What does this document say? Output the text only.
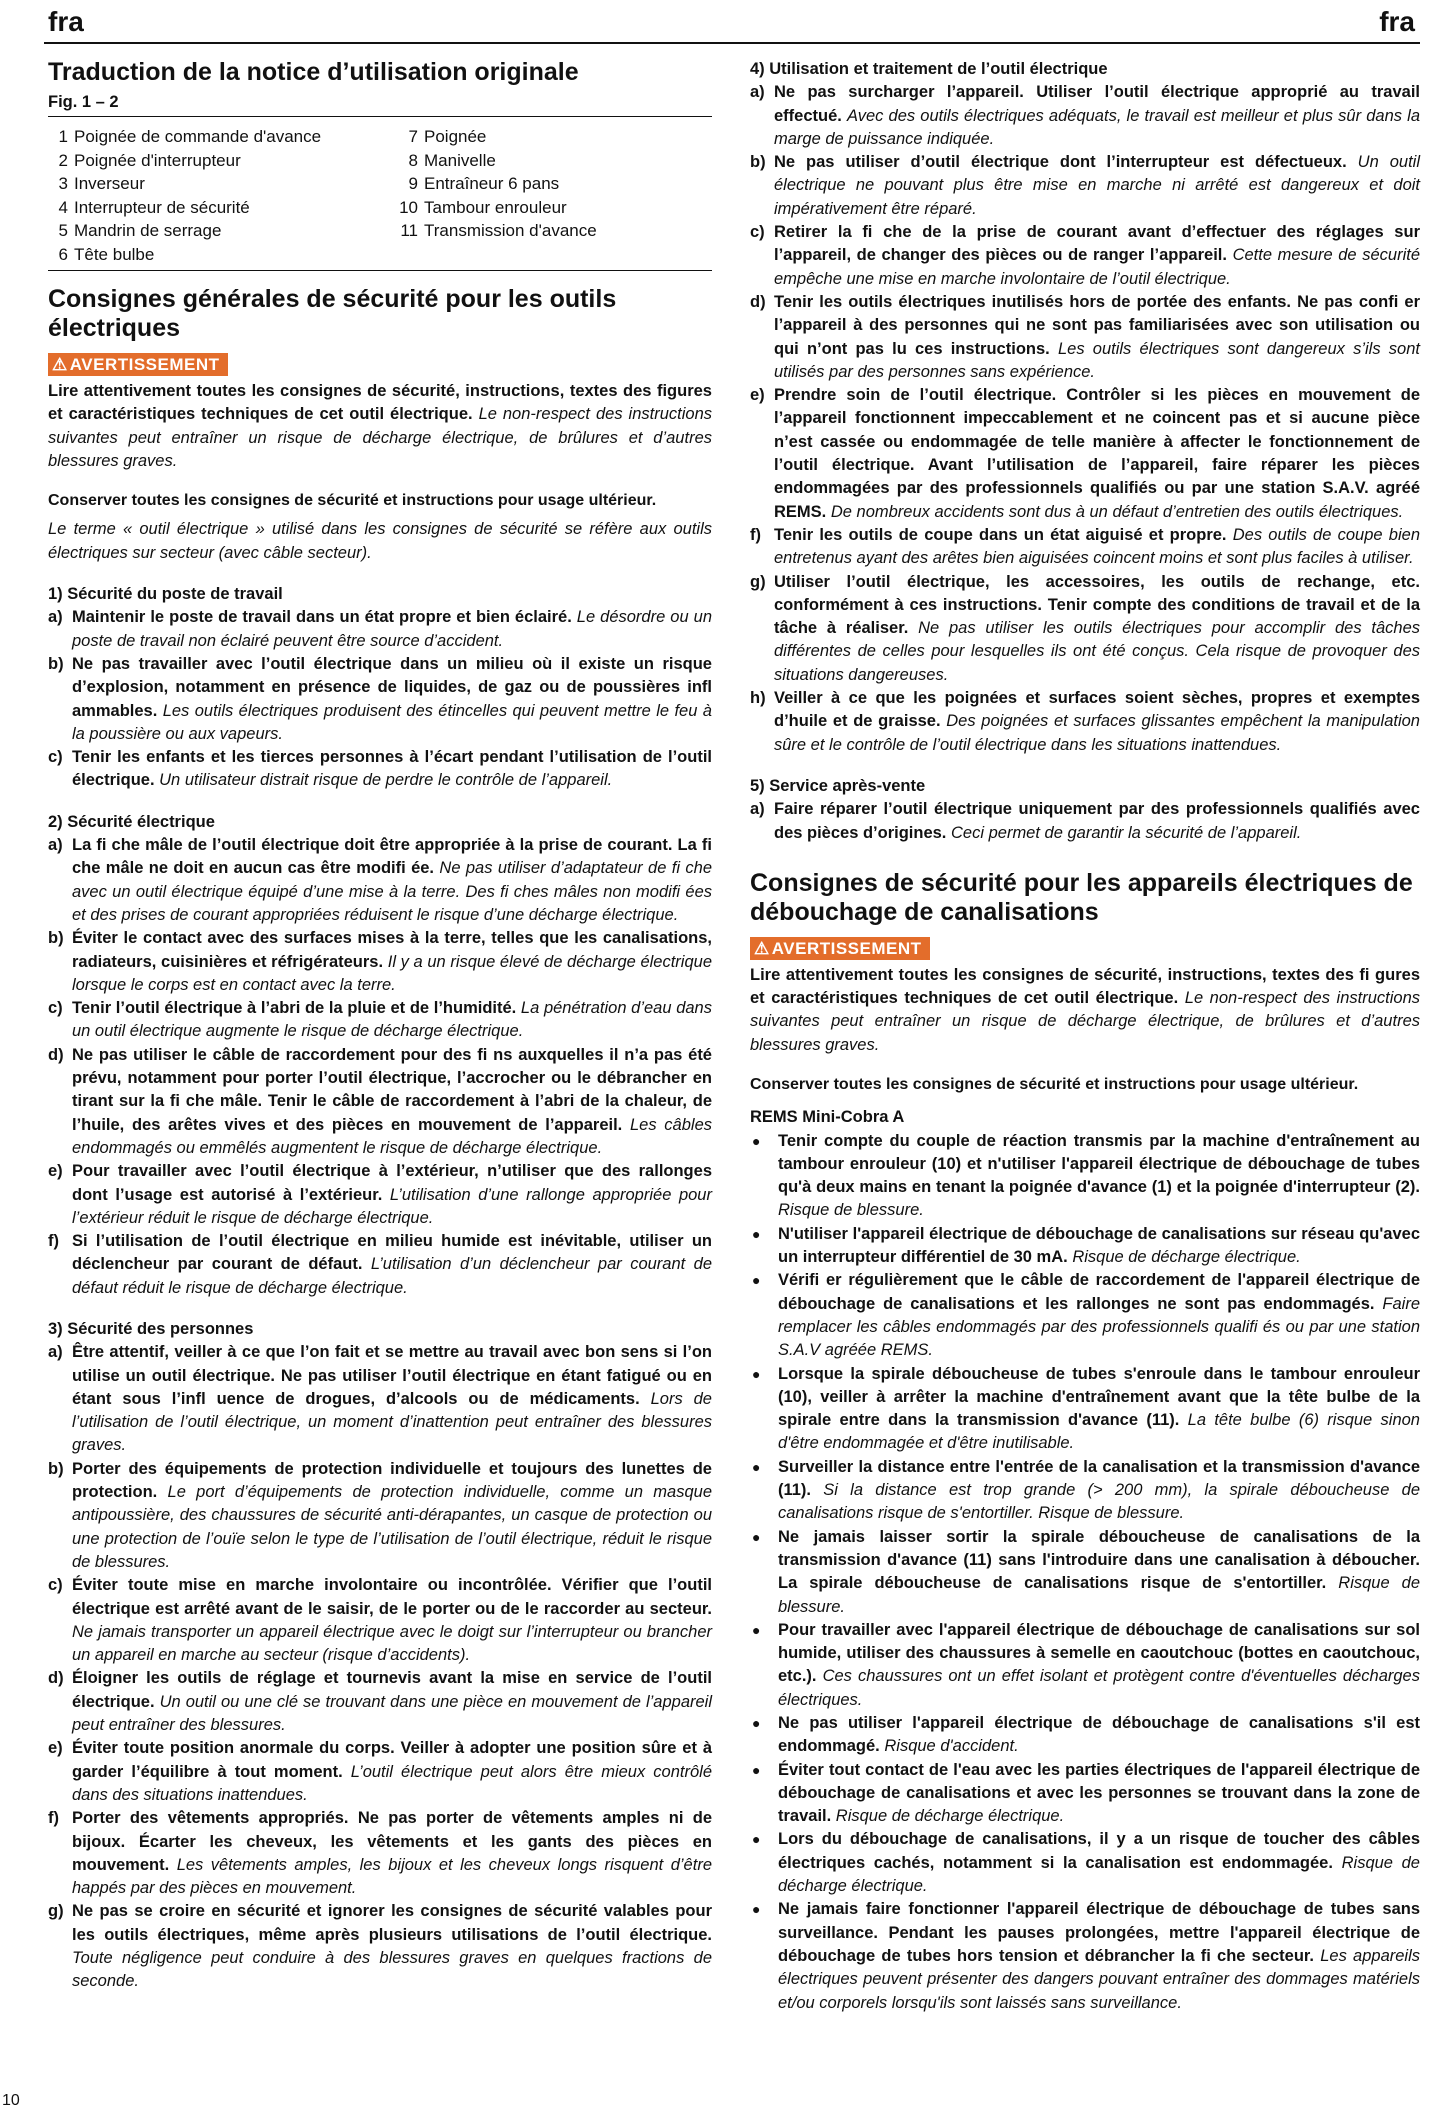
fra	fra
Traduction de la notice d’utilisation originale
Fig. 1 – 2
1 Poignée de commande d'avance
2 Poignée d'interrupteur
3 Inverseur
4 Interrupteur de sécurité
5 Mandrin de serrage
6 Tête bulbe
7 Poignée
8 Manivelle
9 Entraîneur 6 pans
10 Tambour enrouleur
11 Transmission d'avance
Consignes générales de sécurité pour les outils électriques
⚠ AVERTISSEMENT

Lire attentivement toutes les consignes de sécurité, instructions, textes des figures et caractéristiques techniques de cet outil électrique. Le non-respect des instructions suivantes peut entraîner un risque de décharge électrique, de brûlures et d’autres blessures graves.

Conserver toutes les consignes de sécurité et instructions pour usage ultérieur.

Le terme « outil électrique » utilisé dans les consignes de sécurité se réfère aux outils électriques sur secteur (avec câble secteur).

1) Sécurité du poste de travail
a) Maintenir le poste de travail dans un état propre et bien éclairé. Le désordre ou un poste de travail non éclairé peuvent être source d’accident.
b) Ne pas travailler avec l’outil électrique dans un milieu où il existe un risque d’explosion, notamment en présence de liquides, de gaz ou de poussières infl ammables. Les outils électriques produisent des étincelles qui peuvent mettre le feu à la poussière ou aux vapeurs.
c) Tenir les enfants et les tierces personnes à l’écart pendant l’utilisation de l’outil électrique. Un utilisateur distrait risque de perdre le contrôle de l’appareil.
2) Sécurité électrique
a) La fi che mâle de l’outil électrique doit être appropriée à la prise de courant. La fi che mâle ne doit en aucun cas être modifi ée. Ne pas utiliser d’adaptateur de fi che avec un outil électrique équipé d’une mise à la terre. Des fi ches mâles non modifi ées et des prises de courant appropriées réduisent le risque d’une décharge électrique.
b) Éviter le contact avec des surfaces mises à la terre, telles que les canalisations, radiateurs, cuisinières et réfrigérateurs. Il y a un risque élevé de décharge électrique lorsque le corps est en contact avec la terre.
c) Tenir l’outil électrique à l’abri de la pluie et de l’humidité. La pénétration d’eau dans un outil électrique augmente le risque de décharge électrique.
d) Ne pas utiliser le câble de raccordement pour des fi ns auxquelles il n’a pas été prévu, notamment pour porter l’outil électrique, l’accrocher ou le débrancher en tirant sur la fi che mâle. Tenir le câble de raccordement à l’abri de la chaleur, de l’huile, des arêtes vives et des pièces en mouvement de l’appareil. Les câbles endommagés ou emmêlés augmentent le risque de décharge électrique.
e) Pour travailler avec l’outil électrique à l’extérieur, n’utiliser que des rallonges dont l’usage est autorisé à l’extérieur. L’utilisation d’une rallonge appropriée pour l’extérieur réduit le risque de décharge électrique.
f) Si l’utilisation de l’outil électrique en milieu humide est inévitable, utiliser un déclencheur par courant de défaut. L’utilisation d’un déclencheur par courant de défaut réduit le risque de décharge électrique.
3) Sécurité des personnes
a) Être attentif, veiller à ce que l’on fait et se mettre au travail avec bon sens si l’on utilise un outil électrique. Ne pas utiliser l’outil électrique en étant fatigué ou en étant sous l’infl uence de drogues, d’alcools ou de médicaments. Lors de l’utilisation de l’outil électrique, un moment d’inattention peut entraîner des blessures graves.
b) Porter des équipements de protection individuelle et toujours des lunettes de protection. Le port d’équipements de protection individuelle, comme un masque antipoussière, des chaussures de sécurité anti-dérapantes, un casque de protection ou une protection de l’ouïe selon le type de l’utilisation de l’outil électrique, réduit le risque de blessures.
c) Éviter toute mise en marche involontaire ou incontrôlée. Vérifier que l’outil électrique est arrêté avant de le saisir, de le porter ou de le raccorder au secteur. Ne jamais transporter un appareil électrique avec le doigt sur l’interrupteur ou brancher un appareil en marche au secteur (risque d’accidents).
d) Éloigner les outils de réglage et tournevis avant la mise en service de l’outil électrique. Un outil ou une clé se trouvant dans une pièce en mouvement de l’appareil peut entraîner des blessures.
e) Éviter toute position anormale du corps. Veiller à adopter une position sûre et à garder l’équilibre à tout moment. L’outil électrique peut alors être mieux contrôlé dans des situations inattendues.
f) Porter des vêtements appropriés. Ne pas porter de vêtements amples ni de bijoux. Écarter les cheveux, les vêtements et les gants des pièces en mouvement. Les vêtements amples, les bijoux et les cheveux longs risquent d’être happés par des pièces en mouvement.
g) Ne pas se croire en sécurité et ignorer les consignes de sécurité valables pour les outils électriques, même après plusieurs utilisations de l’outil électrique. Toute négligence peut conduire à des blessures graves en quelques fractions de seconde.
4) Utilisation et traitement de l’outil électrique
a) Ne pas surcharger l’appareil. Utiliser l’outil électrique approprié au travail effectué. Avec des outils électriques adéquats, le travail est meilleur et plus sûr dans la marge de puissance indiquée.
b) Ne pas utiliser d’outil électrique dont l’interrupteur est défectueux. Un outil électrique ne pouvant plus être mise en marche ni arrêté est dangereux et doit impérativement être réparé.
c) Retirer la fi che de la prise de courant avant d’effectuer des réglages sur l’appareil, de changer des pièces ou de ranger l’appareil. Cette mesure de sécurité empêche une mise en marche involontaire de l’outil électrique.
d) Tenir les outils électriques inutilisés hors de portée des enfants. Ne pas confi er l’appareil à des personnes qui ne sont pas familiarisées avec son utilisation ou qui n’ont pas lu ces instructions. Les outils électriques sont dangereux s’ils sont utilisés par des personnes sans expérience.
e) Prendre soin de l’outil électrique. Contrôler si les pièces en mouvement de l’appareil fonctionnent impeccablement et ne coincent pas et si aucune pièce n’est cassée ou endommagée de telle manière à affecter le fonctionnement de l’outil électrique. Avant l’utilisation de l’appareil, faire réparer les pièces endommagées par des professionnels qualifiés ou par une station S.A.V. agréé REMS. De nombreux accidents sont dus à un défaut d’entretien des outils électriques.
f) Tenir les outils de coupe dans un état aiguisé et propre. Des outils de coupe bien entretenus ayant des arêtes bien aiguisées coincent moins et sont plus faciles à utiliser.
g) Utiliser l’outil électrique, les accessoires, les outils de rechange, etc. conformément à ces instructions. Tenir compte des conditions de travail et de la tâche à réaliser. Ne pas utiliser les outils électriques pour accomplir des tâches différentes de celles pour lesquelles ils ont été conçus. Cela risque de provoquer des situations dangereuses.
h) Veiller à ce que les poignées et surfaces soient sèches, propres et exemptes d’huile et de graisse. Des poignées et surfaces glissantes empêchent la manipulation sûre et le contrôle de l’outil électrique dans les situations inattendues.
5) Service après-vente
a) Faire réparer l’outil électrique uniquement par des professionnels qualifiés avec des pièces d’origines. Ceci permet de garantir la sécurité de l’appareil.
Consignes de sécurité pour les appareils électriques de débouchage de canalisations
⚠ AVERTISSEMENT

Lire attentivement toutes les consignes de sécurité, instructions, textes des fi gures et caractéristiques techniques de cet outil électrique. Le non-respect des instructions suivantes peut entraîner un risque de décharge électrique, de brûlures et d’autres blessures graves.

Conserver toutes les consignes de sécurité et instructions pour usage ultérieur.

REMS Mini-Cobra A
●	Tenir compte du couple de réaction transmis par la machine d'entraînement au tambour enrouleur (10) et n'utiliser l'appareil électrique de débouchage de tubes qu'à deux mains en tenant la poignée d'avance (1) et la poignée d'interrupteur (2). Risque de blessure.
●	N'utiliser l'appareil électrique de débouchage de canalisations sur réseau qu'avec un interrupteur différentiel de 30 mA. Risque de décharge électrique.
●	Vérifi er régulièrement que le câble de raccordement de l'appareil électrique de débouchage de canalisations et les rallonges ne sont pas endommagés. Faire remplacer les câbles endommagés par des professionnels qualifi és ou par une station S.A.V agréée REMS.
●	Lorsque la spirale déboucheuse de tubes s'enroule dans le tambour enrouleur (10), veiller à arrêter la machine d'entraînement avant que la tête bulbe de la spirale entre dans la transmission d'avance (11). La tête bulbe (6) risque sinon d'être endommagée et d'être inutilisable.
●	Surveiller la distance entre l'entrée de la canalisation et la transmission d'avance (11). Si la distance est trop grande (> 200 mm), la spirale déboucheuse de canalisations risque de s'entortiller. Risque de blessure.
●	Ne jamais laisser sortir la spirale déboucheuse de canalisations de la transmission d'avance (11) sans l'introduire dans une canalisation à déboucher. La spirale déboucheuse de canalisations risque de s'entortiller. Risque de blessure.
●	Pour travailler avec l'appareil électrique de débouchage de canalisations sur sol humide, utiliser des chaussures à semelle en caoutchouc (bottes en caoutchouc, etc.). Ces chaussures ont un effet isolant et protègent contre d'éventuelles décharges électriques.
●	Ne pas utiliser l'appareil électrique de débouchage de canalisations s'il est endommagé. Risque d'accident.
●	Éviter tout contact de l'eau avec les parties électriques de l'appareil électrique de débouchage de canalisations et avec les personnes se trouvant dans la zone de travail. Risque de décharge électrique.
●	Lors du débouchage de canalisations, il y a un risque de toucher des câbles électriques cachés, notamment si la canalisation est endommagée. Risque de décharge électrique.
●	Ne jamais faire fonctionner l'appareil électrique de débouchage de tubes sans surveillance. Pendant les pauses prolongées, mettre l'appareil électrique de débouchage de tubes hors tension et débrancher la fi che secteur. Les appareils électriques peuvent présenter des dangers pouvant entraîner des dommages matériels et/ou corporels lorsqu'ils sont laissés sans surveillance.
10
